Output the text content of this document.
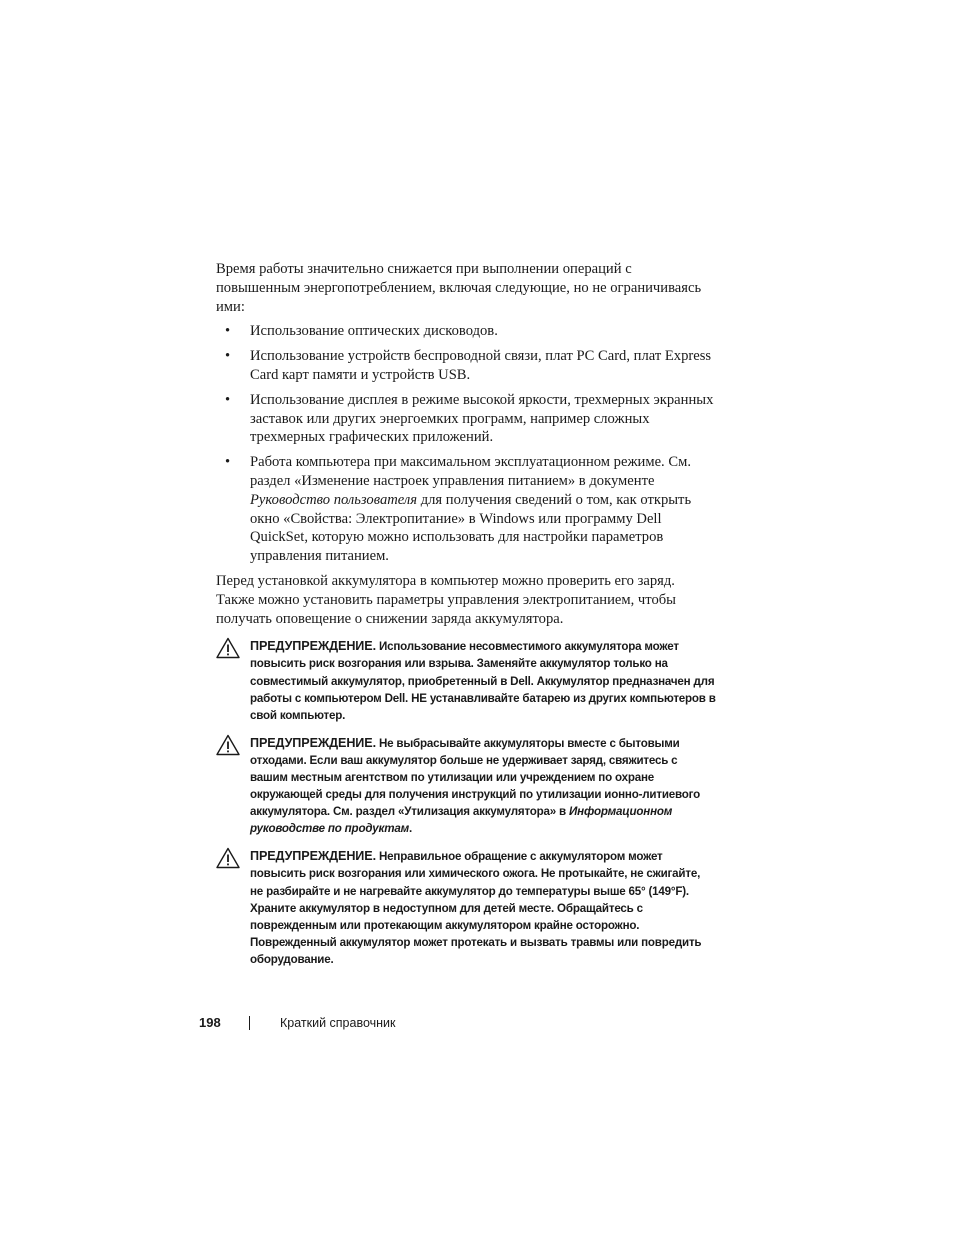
Время работы значительно снижается при выполнении операций с повышенным энергопотреблением, включая следующие, но не ограничиваясь ими:

• Использование оптических дисководов.
• Использование устройств беспроводной связи, плат PC Card, плат Express Card карт памяти и устройств USB.
• Использование дисплея в режиме высокой яркости, трехмерных экранных заставок или других энергоемких программ, например сложных трехмерных графических приложений.
• Работа компьютера при максимальном эксплуатационном режиме. См. раздел «Изменение настроек управления питанием» в документе Руководство пользователя для получения сведений о том, как открыть окно «Свойства: Электропитание» в Windows или программу Dell QuickSet, которую можно использовать для настройки параметров управления питанием.

Перед установкой аккумулятора в компьютер можно проверить его заряд. Также можно установить параметры управления электропитанием, чтобы получать оповещение о снижении заряда аккумулятора.

ПРЕДУПРЕЖДЕНИЕ. Использование несовместимого аккумулятора может повысить риск возгорания или взрыва. Заменяйте аккумулятор только на совместимый аккумулятор, приобретенный в Dell. Аккумулятор предназначен для работы с компьютером Dell. НЕ устанавливайте батарею из других компьютеров в свой компьютер.
ПРЕДУПРЕЖДЕНИЕ. Не выбрасывайте аккумуляторы вместе с бытовыми отходами. Если ваш аккумулятор больше не удерживает заряд, свяжитесь с вашим местным агентством по утилизации или учреждением по охране окружающей среды для получения инструкций по утилизации ионно-литиевого аккумулятора. См. раздел «Утилизация аккумулятора» в Информационном руководстве по продуктам.
ПРЕДУПРЕЖДЕНИЕ. Неправильное обращение с аккумулятором может повысить риск возгорания или химического ожога. Не протыкайте, не сжигайте, не разбирайте и не нагревайте аккумулятор до температуры выше 65° (149°F). Храните аккумулятор в недоступном для детей месте. Обращайтесь с поврежденным или протекающим аккумулятором крайне осторожно. Поврежденный аккумулятор может протекать и вызвать травмы или повредить оборудование.
198	Краткий справочник
